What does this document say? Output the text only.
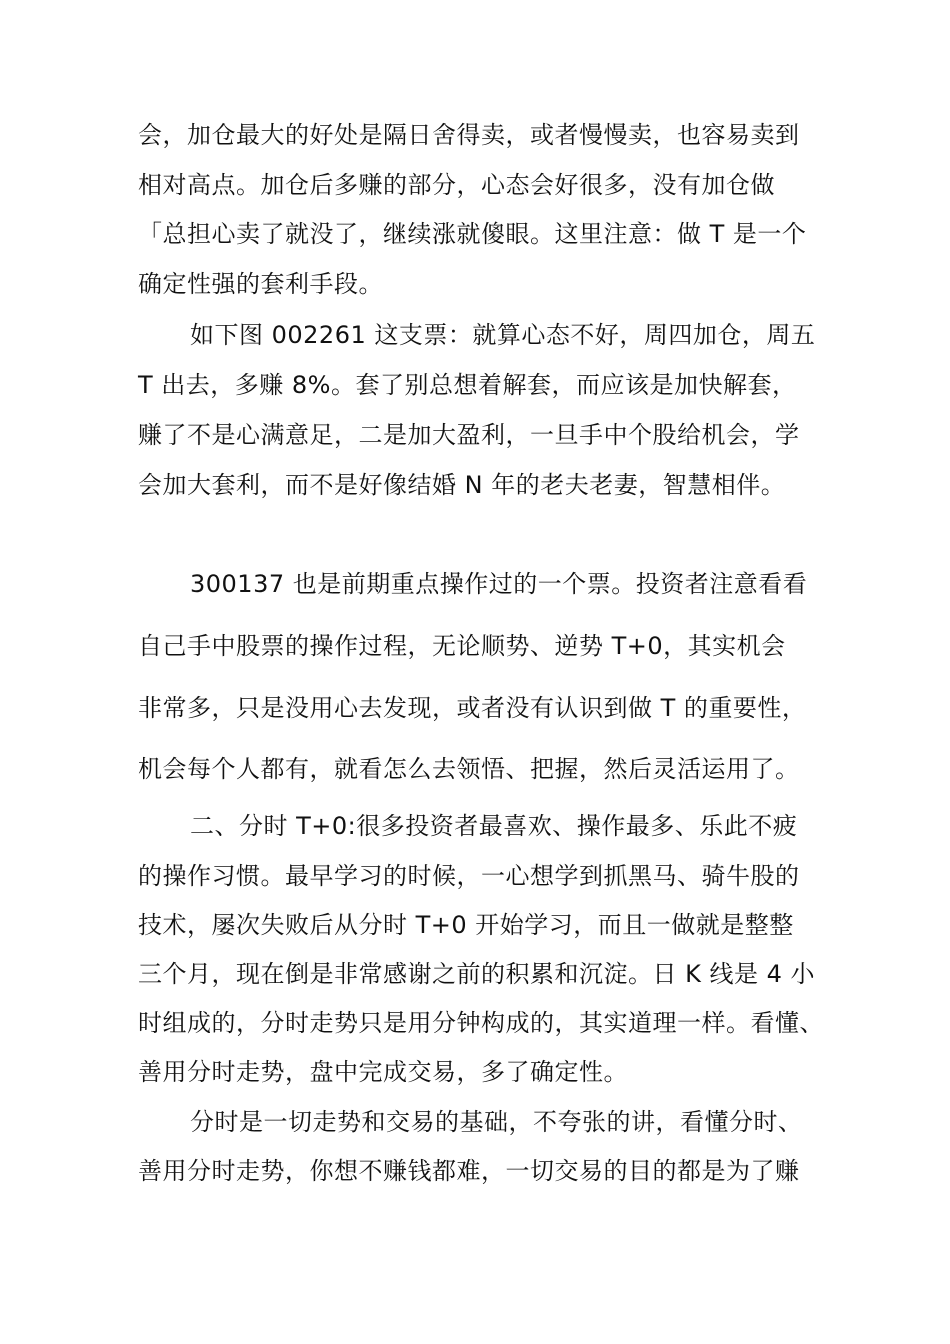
会，加仓最大的好处是隔日舍得卖，或者慢慢卖，也容易卖到
相对高点。加仓后多赚的部分，心态会好很多，没有加仓做
「总担心卖了就没了，继续涨就傻眼。这里注意：做 T 是一个
确定性强的套利手段。
如下图 002261 这支票：就算心态不好，周四加仓，周五
T 出去，多赚 8%。套了别总想着解套，而应该是加快解套，
赚了不是心满意足，二是加大盈利，一旦手中个股给机会，学
会加大套利，而不是好像结婚 N 年的老夫老妻，智慧相伴。
300137 也是前期重点操作过的一个票。投资者注意看看
自己手中股票的操作过程，无论顺势、逆势 T+0，其实机会
非常多，只是没用心去发现，或者没有认识到做 T 的重要性，
机会每个人都有，就看怎么去领悟、把握，然后灵活运用了。
二、分时 T+0:很多投资者最喜欢、操作最多、乐此不疲
的操作习惯。最早学习的时候，一心想学到抓黑马、骑牛股的
技术，屡次失败后从分时 T+0 开始学习，而且一做就是整整
三个月，现在倒是非常感谢之前的积累和沉淀。日 K 线是 4 小
时组成的，分时走势只是用分钟构成的，其实道理一样。看懂、
善用分时走势，盘中完成交易，多了确定性。
分时是一切走势和交易的基础，不夸张的讲，看懂分时、
善用分时走势，你想不赚钱都难，一切交易的目的都是为了赚
